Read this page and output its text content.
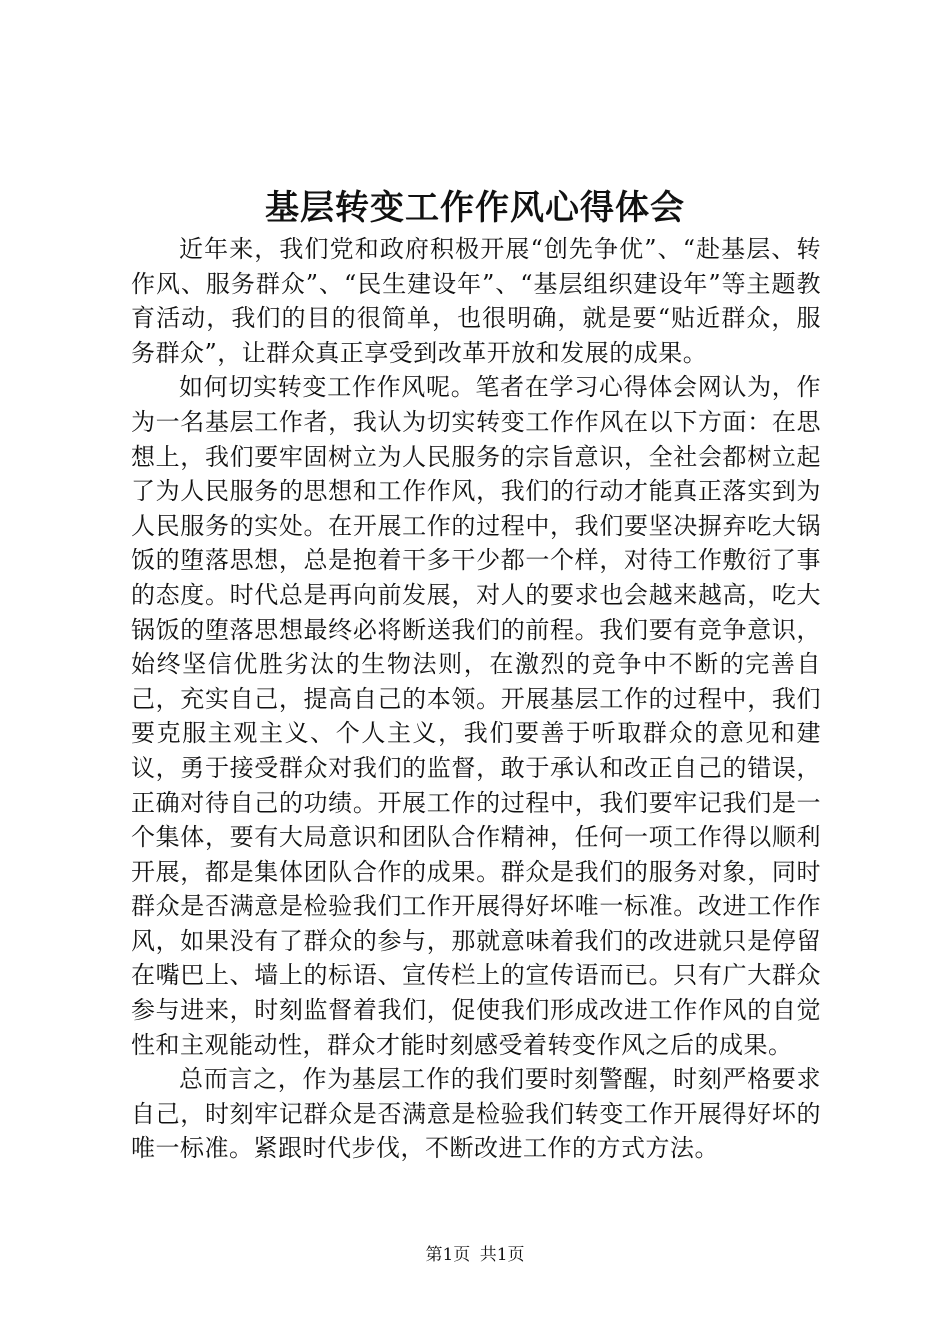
基层转变工作作风心得体会

近年来，我们党和政府积极开展“创先争优”、“赴基层、转作风、服务群众”、“民生建设年”、“基层组织建设年”等主题教育活动，我们的目的很简单，也很明确，就是要“贴近群众，服务群众”，让群众真正享受到改革开放和发展的成果。

如何切实转变工作作风呢。笔者在学习心得体会网认为，作为一名基层工作者，我认为切实转变工作作风在以下方面：在思想上，我们要牢固树立为人民服务的宗旨意识，全社会都树立起了为人民服务的思想和工作作风，我们的行动才能真正落实到为人民服务的实处。在开展工作的过程中，我们要坚决摒弃吃大锅饭的堕落思想，总是抱着干多干少都一个样，对待工作敷衍了事的态度。时代总是再向前发展，对人的要求也会越来越高，吃大锅饭的堕落思想最终必将断送我们的前程。我们要有竞争意识，始终坚信优胜劣汰的生物法则，在激烈的竞争中不断的完善自己，充实自己，提高自己的本领。开展基层工作的过程中，我们要克服主观主义、个人主义，我们要善于听取群众的意见和建议，勇于接受群众对我们的监督，敢于承认和改正自己的错误，正确对待自己的功绩。开展工作的过程中，我们要牢记我们是一个集体，要有大局意识和团队合作精神，任何一项工作得以顺利开展，都是集体团队合作的成果。群众是我们的服务对象，同时群众是否满意是检验我们工作开展得好坏唯一标准。改进工作作风，如果没有了群众的参与，那就意味着我们的改进就只是停留在嘴巴上、墙上的标语、宣传栏上的宣传语而已。只有广大群众参与进来，时刻监督着我们，促使我们形成改进工作作风的自觉性和主观能动性，群众才能时刻感受着转变作风之后的成果。

总而言之，作为基层工作的我们要时刻警醒，时刻严格要求自己，时刻牢记群众是否满意是检验我们转变工作开展得好坏的唯一标准。紧跟时代步伐，不断改进工作的方式方法。

第1页 共1页
